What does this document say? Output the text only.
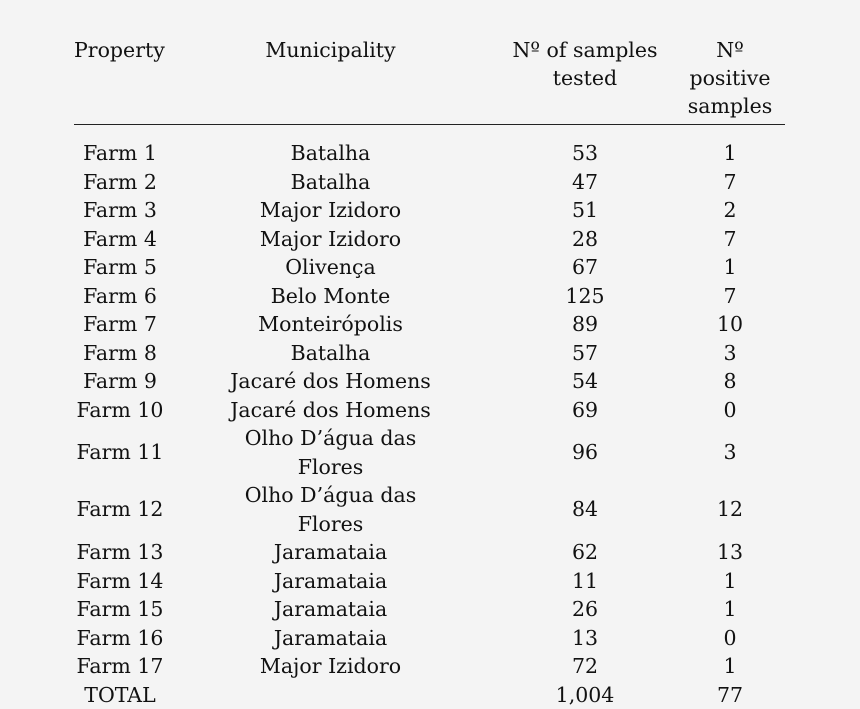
Property	Municipality	Nº of samples tested	Nº positive samples

Farm 1	Batalha	53	1
Farm 2	Batalha	47	7
Farm 3	Major Izidoro	51	2
Farm 4	Major Izidoro	28	7
Farm 5	Olivença	67	1
Farm 6	Belo Monte	125	7
Farm 7	Monteirópolis	89	10
Farm 8	Batalha	57	3
Farm 9	Jacaré dos Homens	54	8
Farm 10	Jacaré dos Homens	69	0
Farm 11	Olho D’água das Flores	96	3
Farm 12	Olho D’água das Flores	84	12
Farm 13	Jaramataia	62	13
Farm 14	Jaramataia	11	1
Farm 15	Jaramataia	26	1
Farm 16	Jaramataia	13	0
Farm 17	Major Izidoro	72	1
TOTAL		1,004	77
